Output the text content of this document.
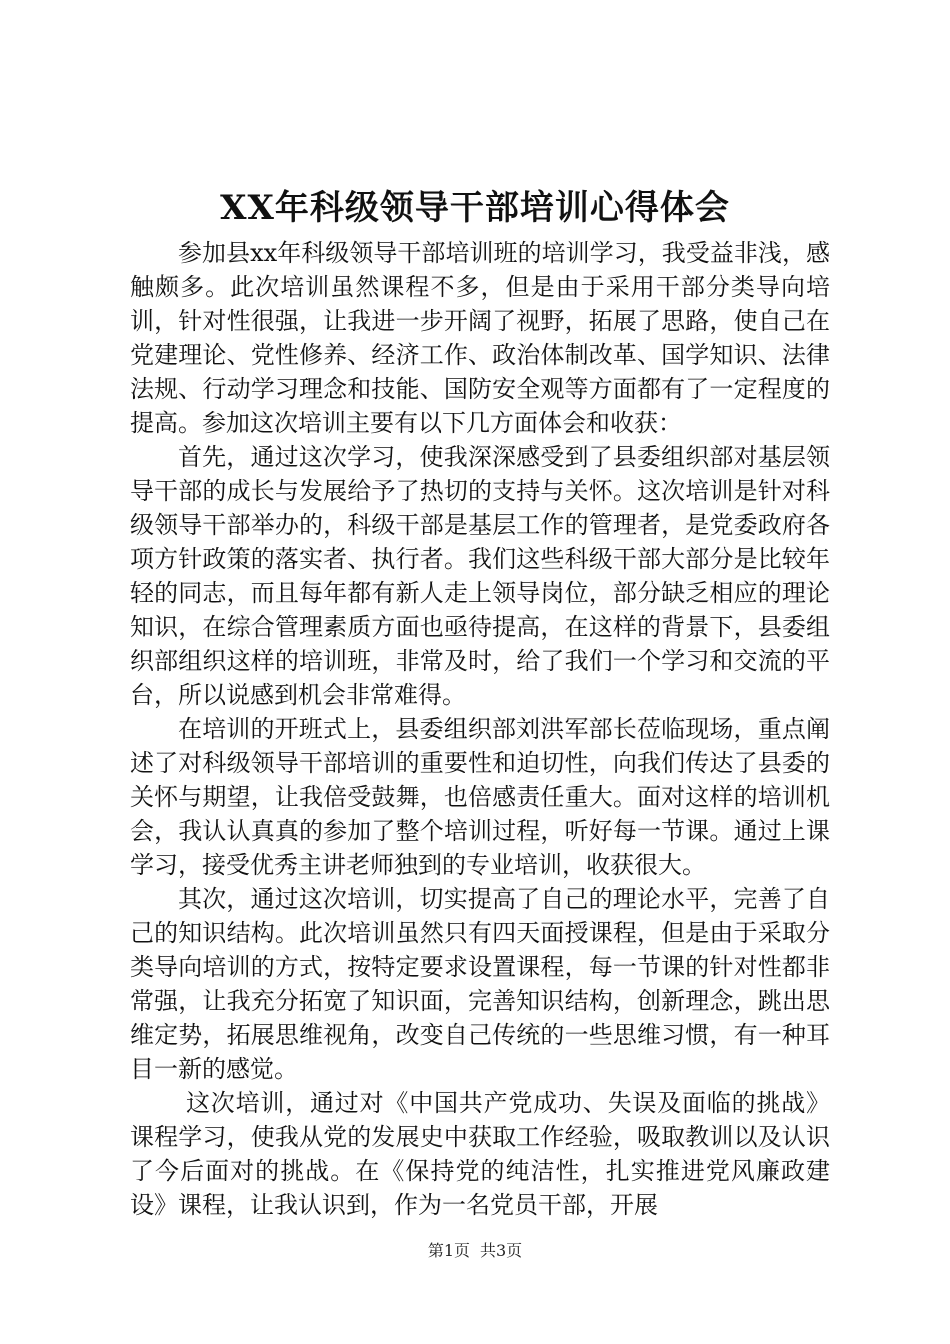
XX年科级领导干部培训心得体会

参加县xx年科级领导干部培训班的培训学习，我受益非浅，感触颇多。此次培训虽然课程不多，但是由于采用干部分类导向培训，针对性很强，让我进一步开阔了视野，拓展了思路，使自己在党建理论、党性修养、经济工作、政治体制改革、国学知识、法律法规、行动学习理念和技能、国防安全观等方面都有了一定程度的提高。参加这次培训主要有以下几方面体会和收获：

首先，通过这次学习，使我深深感受到了县委组织部对基层领导干部的成长与发展给予了热切的支持与关怀。这次培训是针对科级领导干部举办的，科级干部是基层工作的管理者，是党委政府各项方针政策的落实者、执行者。我们这些科级干部大部分是比较年轻的同志，而且每年都有新人走上领导岗位，部分缺乏相应的理论知识，在综合管理素质方面也亟待提高，在这样的背景下，县委组织部组织这样的培训班，非常及时，给了我们一个学习和交流的平台，所以说感到机会非常难得。

在培训的开班式上，县委组织部刘洪军部长莅临现场，重点阐述了对科级领导干部培训的重要性和迫切性，向我们传达了县委的关怀与期望，让我倍受鼓舞，也倍感责任重大。面对这样的培训机会，我认认真真的参加了整个培训过程，听好每一节课。通过上课学习，接受优秀主讲老师独到的专业培训，收获很大。

其次，通过这次培训，切实提高了自己的理论水平，完善了自己的知识结构。此次培训虽然只有四天面授课程，但是由于采取分类导向培训的方式，按特定要求设置课程，每一节课的针对性都非常强，让我充分拓宽了知识面，完善知识结构，创新理念，跳出思维定势，拓展思维视角，改变自己传统的一些思维习惯，有一种耳目一新的感觉。

这次培训，通过对《中国共产党成功、失误及面临的挑战》课程学习，使我从党的发展史中获取工作经验，吸取教训以及认识了今后面对的挑战。在《保持党的纯洁性，扎实推进党风廉政建设》课程，让我认识到，作为一名党员干部，开展

第1页 共3页
